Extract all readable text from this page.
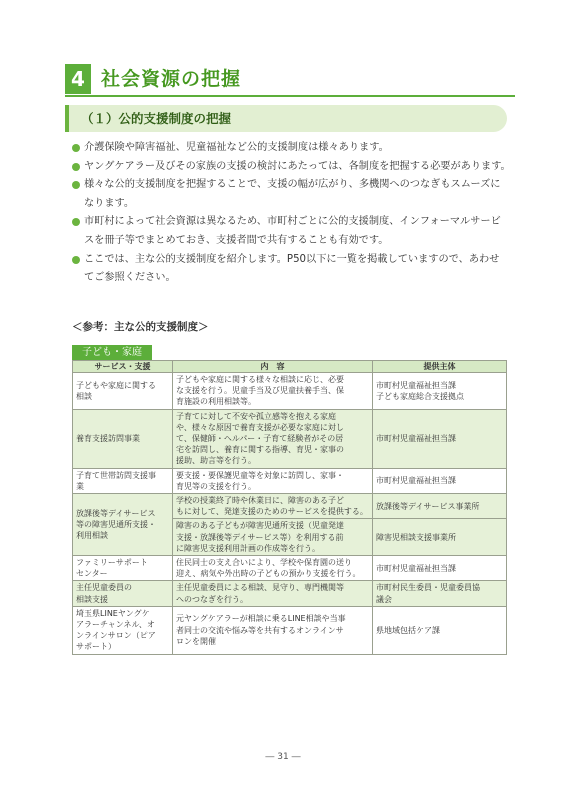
4 社会資源の把握
（１）公的支援制度の把握
介護保険や障害福祉、児童福祉など公的支援制度は様々あります。
ヤングケアラー及びその家族の支援の検討にあたっては、各制度を把握する必要があります。
様々な公的支援制度を把握することで、支援の幅が広がり、多機関へのつなぎもスムーズに
なります。
市町村によって社会資源は異なるため、市町村ごとに公的支援制度、インフォーマルサービ
スを冊子等でまとめておき、支援者間で共有することも有効です。
ここでは、主な公的支援制度を紹介します。P50以下に一覧を掲載していますので、あわせ
てご参照ください。
＜参考：主な公的支援制度＞
子ども・家庭
サービス・支援	内　容	提供主体
子どもや家庭に関する
相談	子どもや家庭に関する様々な相談に応じ、必要
な支援を行う。児童手当及び児童扶養手当、保
育施設の利用相談等。	市町村児童福祉担当課
子ども家庭総合支援拠点
養育支援訪問事業	子育てに対して不安や孤立感等を抱える家庭
や、様々な原因で養育支援が必要な家庭に対し
て、保健師・ヘルパー・子育て経験者がその居
宅を訪問し、養育に関する指導、育児・家事の
援助、助言等を行う。	市町村児童福祉担当課
子育て世帯訪問支援事
業	要支援・要保護児童等を対象に訪問し、家事・
育児等の支援を行う。	市町村児童福祉担当課
放課後等デイサービス
等の障害児通所支援・
利用相談	学校の授業終了時や休業日に、障害のある子ど
もに対して、発達支援のためのサービスを提供する。	放課後等デイサービス事業所
	障害のある子どもが障害児通所支援（児童発達
支援・放課後等デイサービス等）を利用する前
に障害児支援利用計画の作成等を行う。	障害児相談支援事業所
ファミリーサポート
センター	住民同士の支え合いにより、学校や保育園の送り
迎え、病気や外出時の子どもの預かり支援を行う。	市町村児童福祉担当課
主任児童委員の
相談支援	主任児童委員による相談、見守り、専門機関等
へのつなぎを行う。	市町村民生委員・児童委員協
議会
埼玉県LINEヤングケ
アラーチャンネル、オ
ンラインサロン（ピア
サポート）	元ヤングケアラーが相談に乗るLINE相談や当事
者同士の交流や悩み等を共有するオンラインサ
ロンを開催	県地域包括ケア課
― 31 ―
